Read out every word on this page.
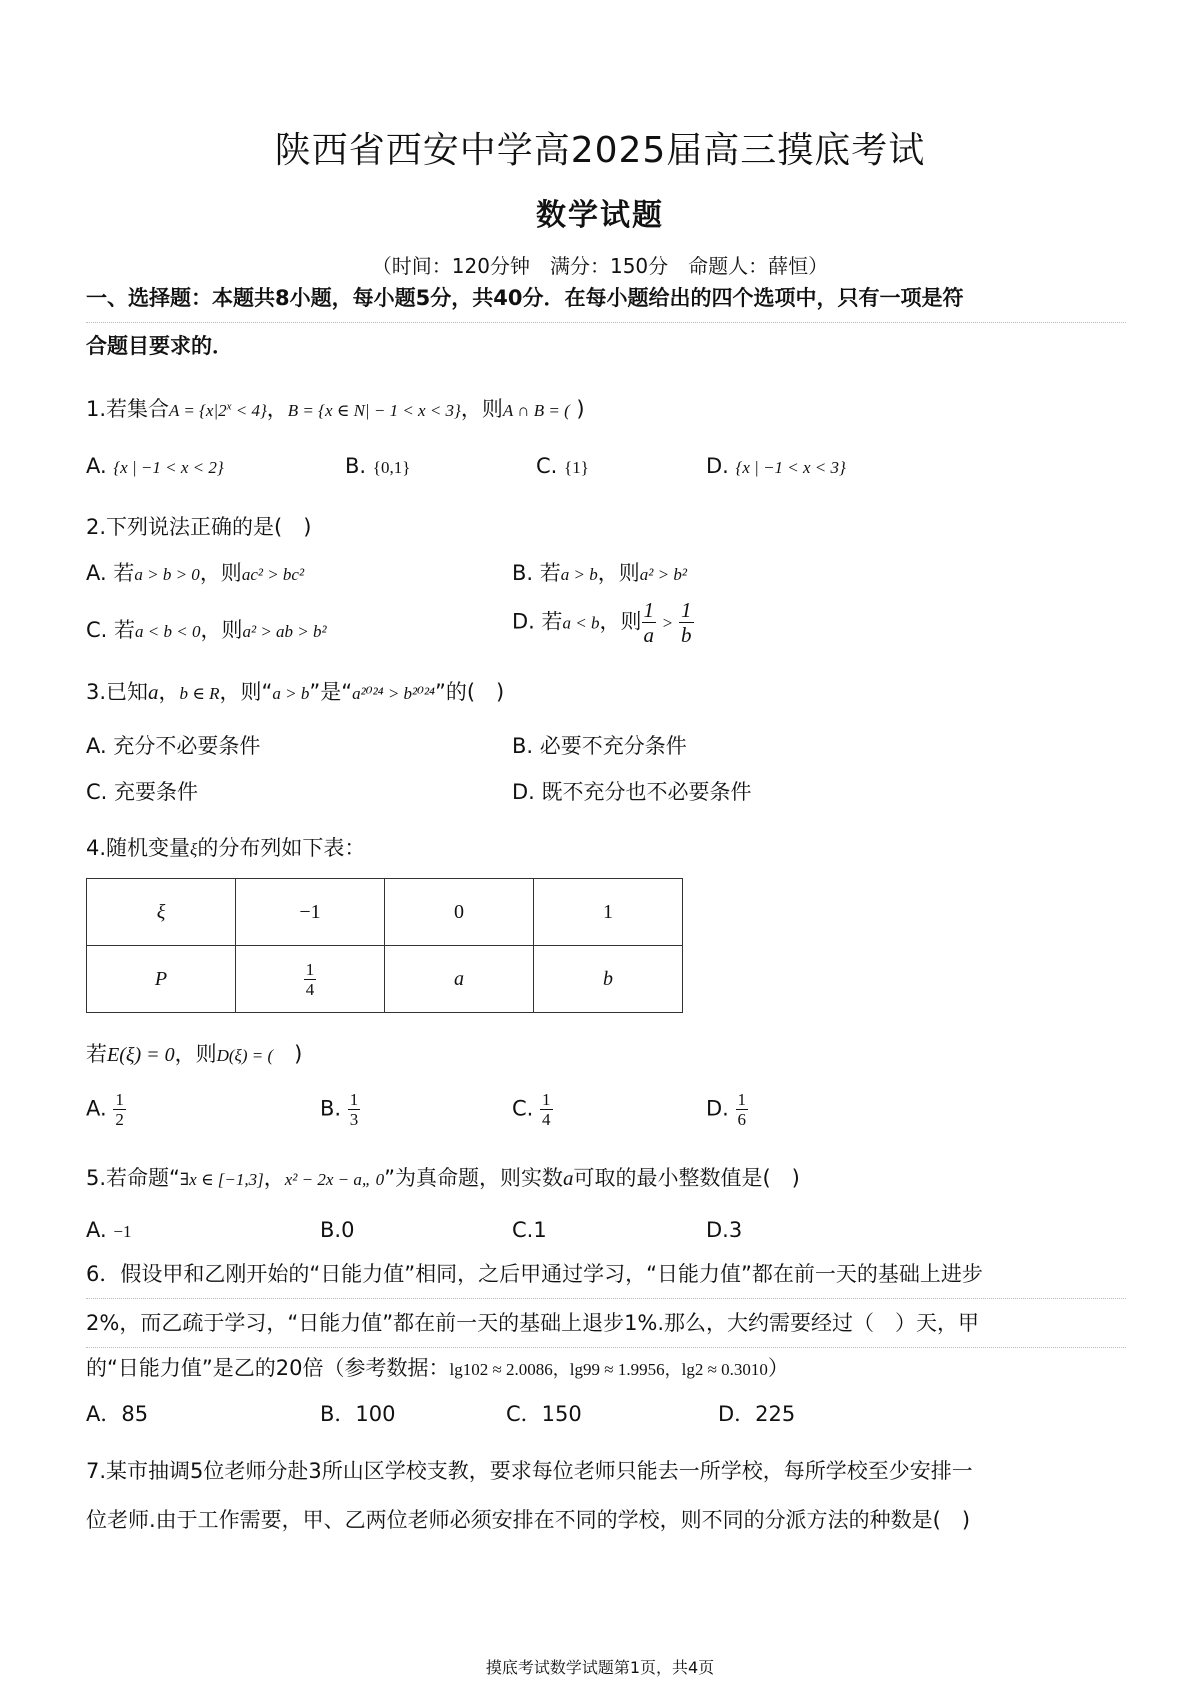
陕西省西安中学高2025届高三摸底考试
数学试题
（时间：120分钟　满分：150分　命题人：薛恒）
一、选择题：本题共8小题，每小题5分，共40分．在每小题给出的四个选项中，只有一项是符
合题目要求的．
1.若集合$A = \{x|2^x < 4\}$，B = {x ∈ N| − 1 < x < 3}，则A ∩ B = ( )
A. {x | −1 < x < 2}	B. {0,1}	C. {1}	D. {x | −1 < x < 3}
2.下列说法正确的是(　)
A. 若a > b > 0，则ac² > bc²	B. 若a > b，则a² > b²
C. 若a < b < 0，则a² > ab > b²	D. 若a < b，则 $\frac{1}{a} > \frac{1}{b}$
3.已知a，b ∈ R，则“a > b”是“a²⁰²⁴ > b²⁰²⁴”的(　)
A. 充分不必要条件	B. 必要不充分条件
C. 充要条件	D. 既不充分也不必要条件
4.随机变量ξ的分布列如下表：
ξ	−1	0	1
P	$\frac{1}{4}$	a	b
若E(ξ) = 0，则D(ξ) = (　)
A. $\frac{1}{2}$	B. $\frac{1}{3}$	C. $\frac{1}{4}$	D. $\frac{1}{6}$
5.若命题“∃x ∈ [−1,3]，x² − 2x − a„ 0”为真命题，则实数a可取的最小整数值是(　)
A. −1	B.0	C.1	D.3
6．假设甲和乙刚开始的“日能力值”相同，之后甲通过学习，“日能力值”都在前一天的基础上进步
2%，而乙疏于学习，“日能力值”都在前一天的基础上退步1%.那么，大约需要经过（　）天，甲
的“日能力值”是乙的20倍（参考数据：lg102 ≈ 2.0086，lg99 ≈ 1.9956，lg2 ≈ 0.3010）
A．85	B．100	C．150	D．225
7.某市抽调5位老师分赴3所山区学校支教，要求每位老师只能去一所学校，每所学校至少安排一
位老师.由于工作需要，甲、乙两位老师必须安排在不同的学校，则不同的分派方法的种数是(　)
摸底考试数学试题第1页，共4页
